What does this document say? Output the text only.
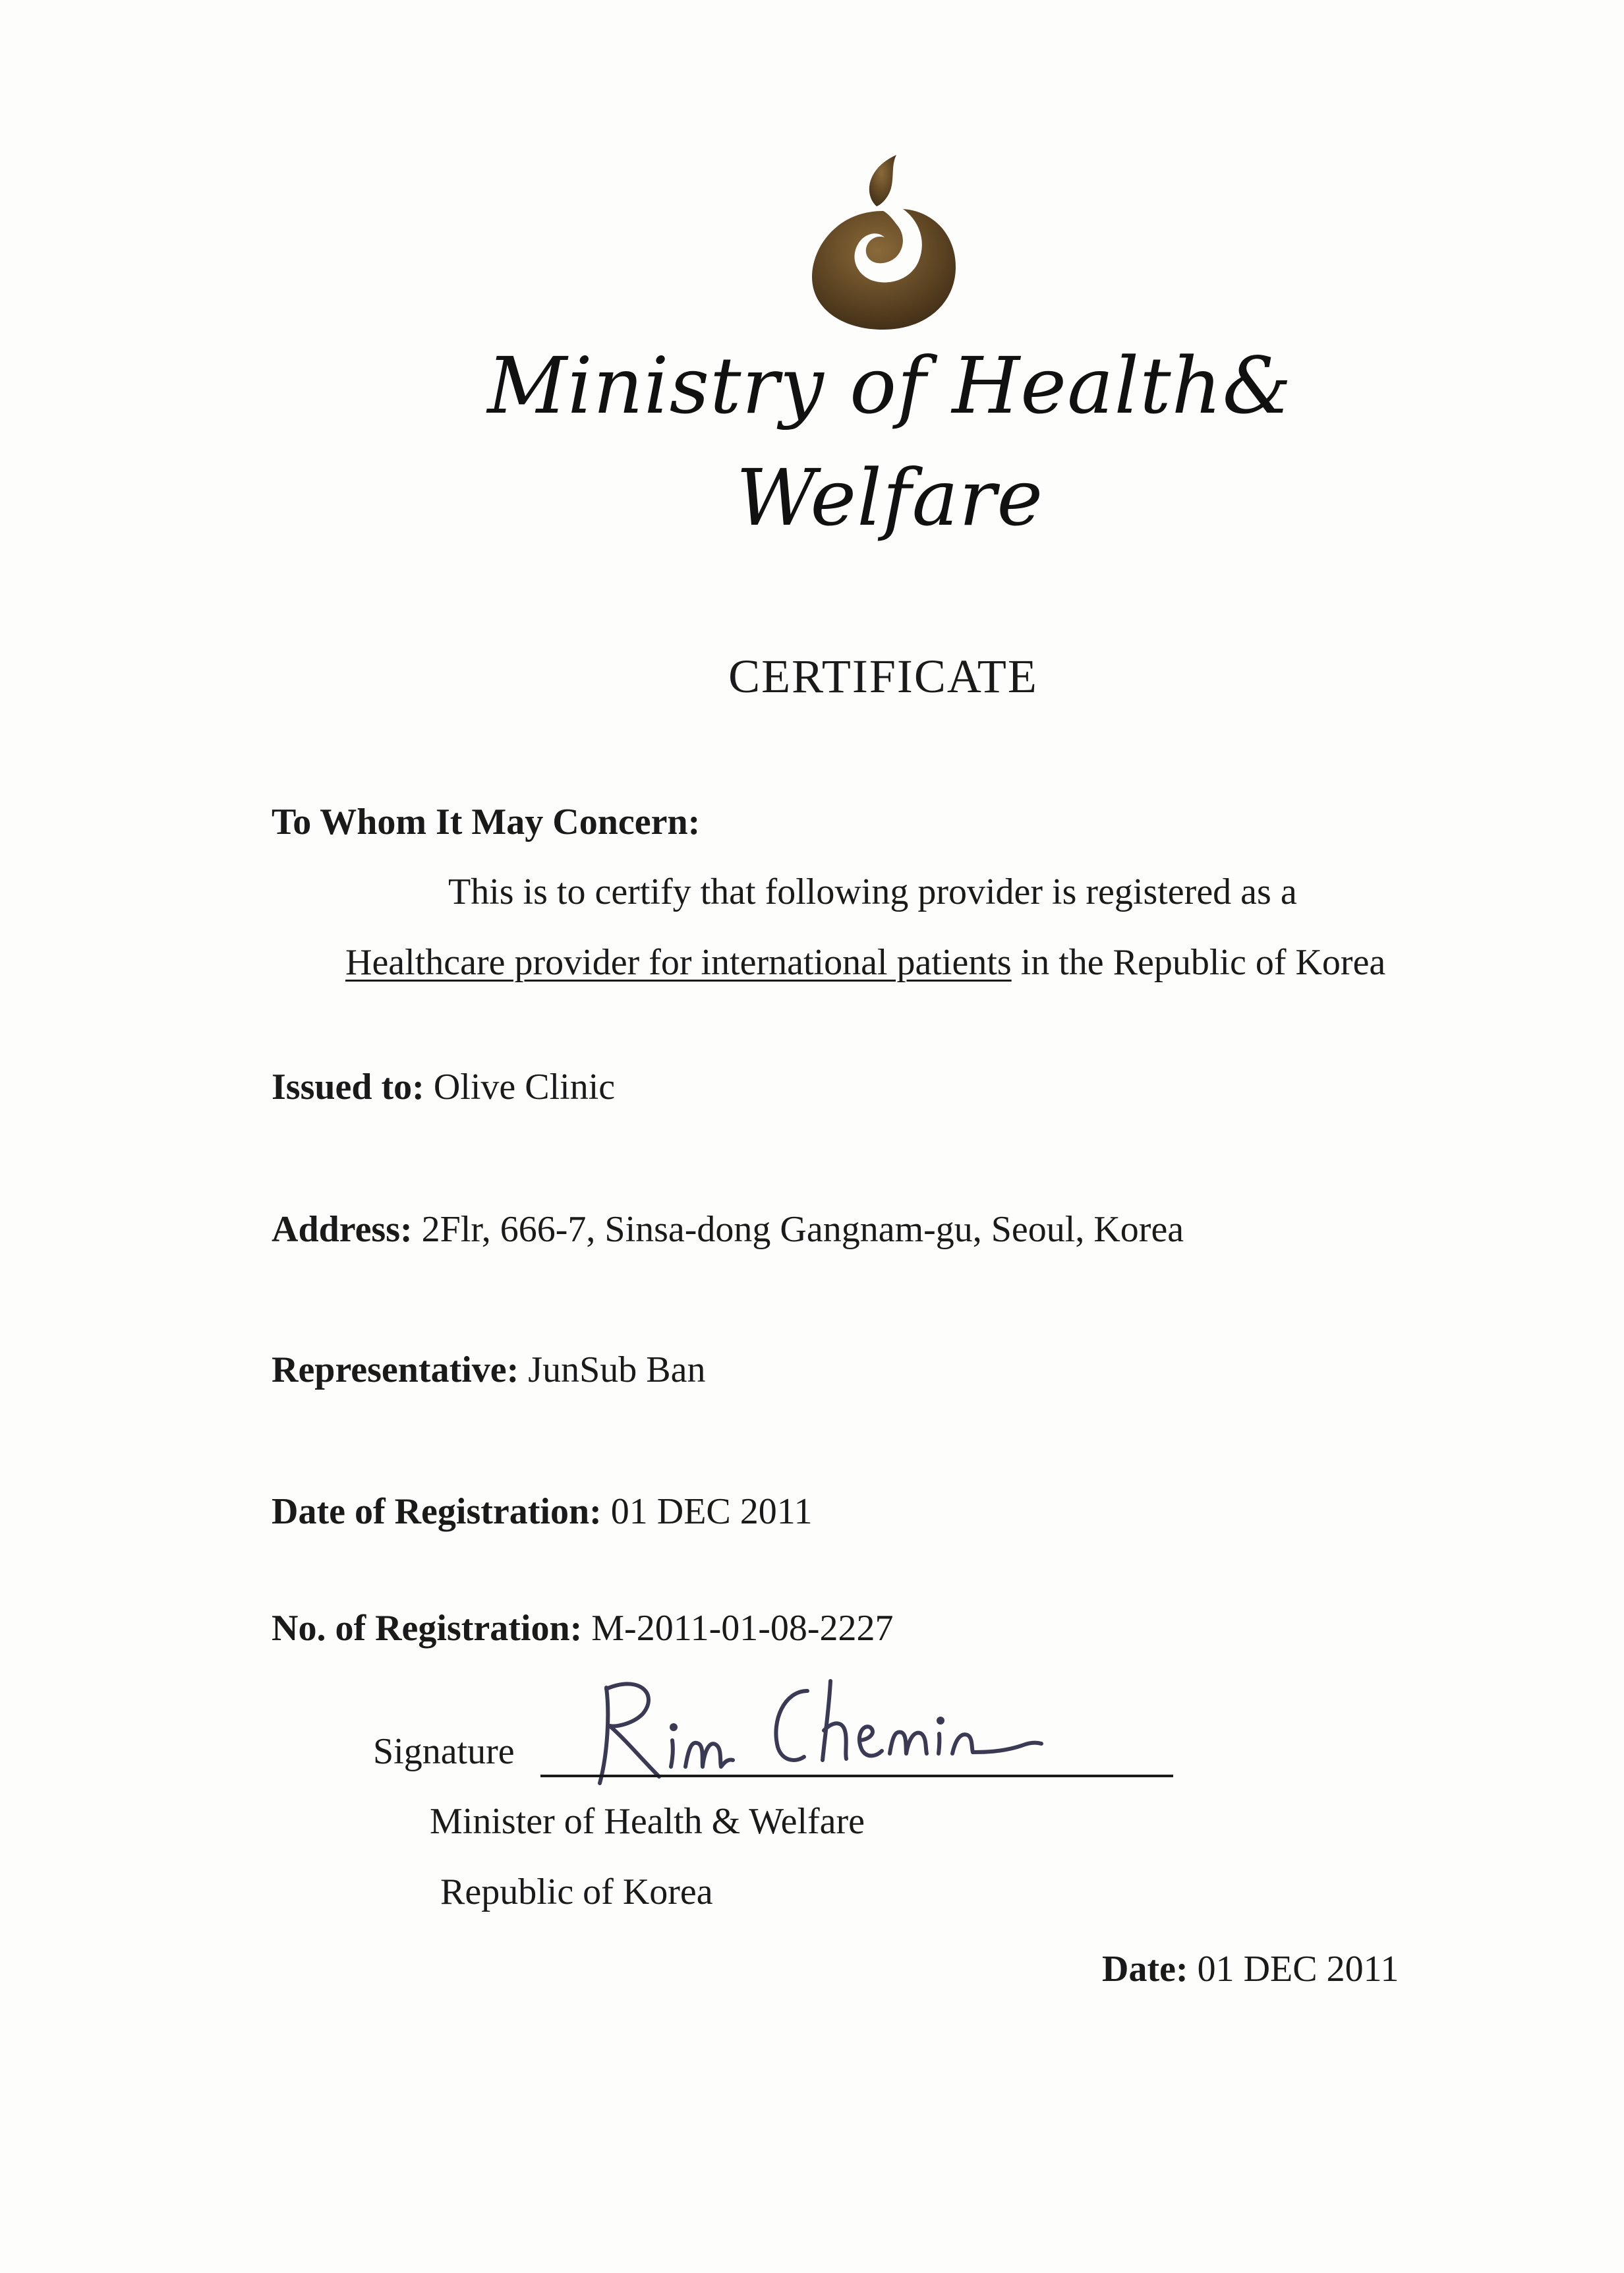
Ministry of Health&
Welfare
CERTIFICATE
To Whom It May Concern:
This is to certify that following provider is registered as a
Healthcare provider for international patients in the Republic of Korea
Issued to: Olive Clinic
Address: 2Flr, 666-7, Sinsa-dong Gangnam-gu, Seoul, Korea
Representative: JunSub Ban
Date of Registration: 01 DEC 2011
No. of Registration: M-2011-01-08-2227
Signature
Minister of Health & Welfare
Republic of Korea
Date: 01 DEC 2011
